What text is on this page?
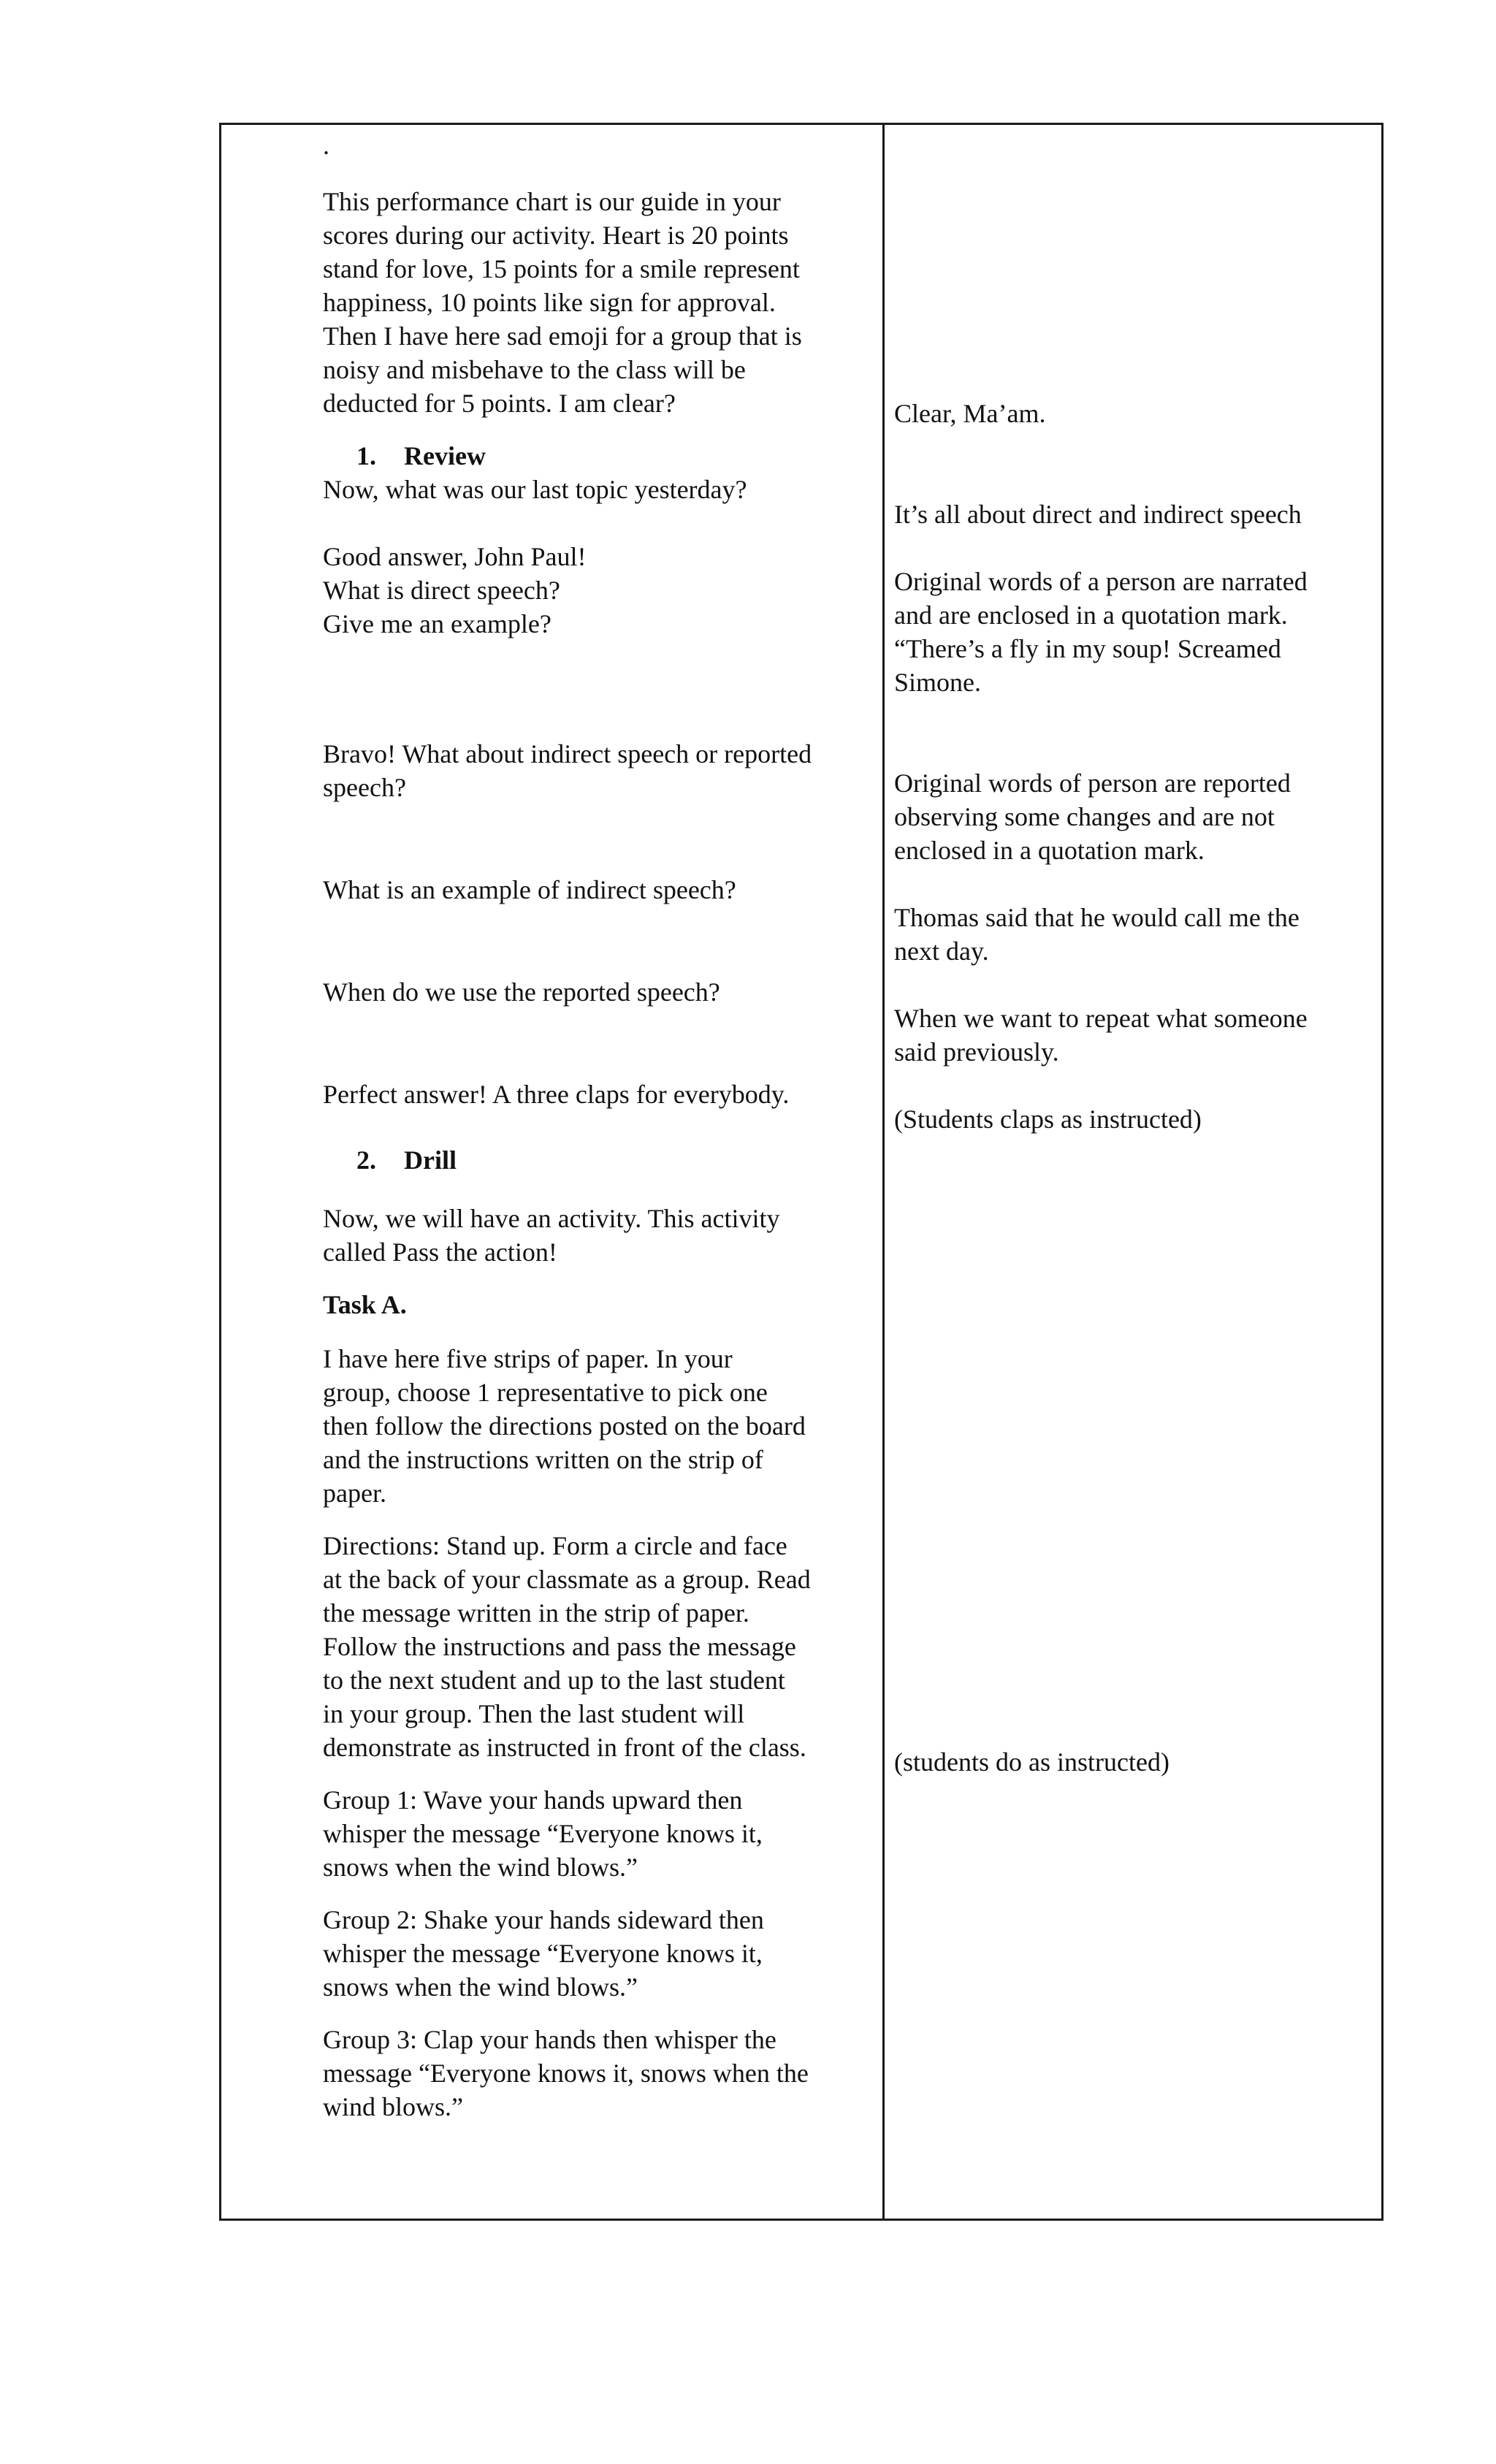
.
This performance chart is our guide in your
scores during our activity. Heart is 20 points
stand for love, 15 points for a smile represent
happiness, 10 points like sign for approval.
Then I have here sad emoji for a group that is
noisy and misbehave to the class will be
deducted for 5 points. I am clear?
1. Review
Now, what was our last topic yesterday?
Good answer, John Paul!
What is direct speech?
Give me an example?
Bravo! What about indirect speech or reported
speech?
What is an example of indirect speech?
When do we use the reported speech?
Perfect answer! A three claps for everybody.
2. Drill
Now, we will have an activity. This activity
called Pass the action!
Task A.
I have here five strips of paper. In your
group, choose 1 representative to pick one
then follow the directions posted on the board
and the instructions written on the strip of
paper.
Directions: Stand up. Form a circle and face
at the back of your classmate as a group. Read
the message written in the strip of paper.
Follow the instructions and pass the message
to the next student and up to the last student
in your group. Then the last student will
demonstrate as instructed in front of the class.
Group 1: Wave your hands upward then
whisper the message “Everyone knows it,
snows when the wind blows.”
Group 2: Shake your hands sideward then
whisper the message “Everyone knows it,
snows when the wind blows.”
Group 3: Clap your hands then whisper the
message “Everyone knows it, snows when the
wind blows.”
Clear, Ma’am.
It’s all about direct and indirect speech
Original words of a person are narrated
and are enclosed in a quotation mark.
“There’s a fly in my soup! Screamed
Simone.
Original words of person are reported
observing some changes and are not
enclosed in a quotation mark.
Thomas said that he would call me the
next day.
When we want to repeat what someone
said previously.
(Students claps as instructed)
(students do as instructed)
